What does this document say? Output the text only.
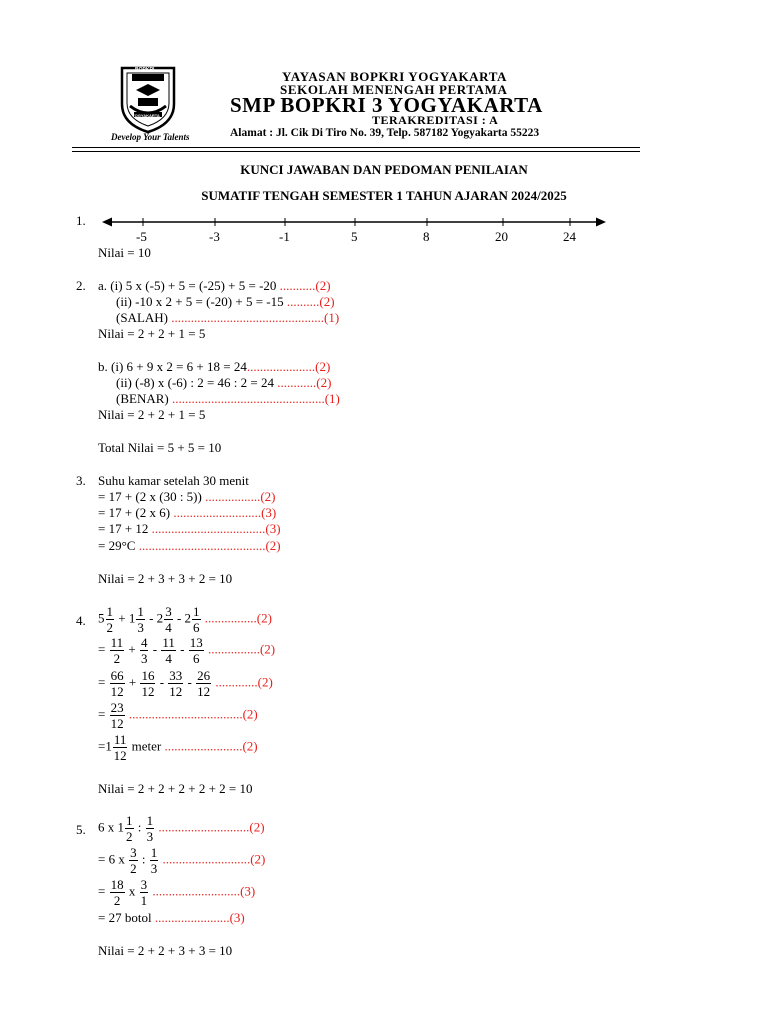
BOPKRI
YOGYAKARTA
Develop Your Talents
YAYASAN BOPKRI YOGYAKARTA
SEKOLAH MENENGAH PERTAMA
SMP BOPKRI 3 YOGYAKARTA
TERAKREDITASI : A
Alamat : Jl. Cik Di Tiro No. 39, Telp. 587182 Yogyakarta 55223
KUNCI JAWABAN DAN PEDOMAN PENILAIAN
SUMATIF TENGAH SEMESTER 1 TAHUN AJARAN 2024/2025
1.
-5	-3	-1	5	8	20	24
Nilai = 10
2. a. (i) 5 x (-5) + 5 = (-25) + 5 = -20 ...........(2)
(ii) -10 x 2 + 5 = (-20) + 5 = -15 ..........(2)
(SALAH) ...............................................(1)
Nilai = 2 + 2 + 1 = 5
b. (i) 6 + 9 x 2 = 6 + 18 = 24.....................(2)
(ii) (-8) x (-6) : 2 = 46 : 2 = 24 ............(2)
(BENAR) ...............................................(1)
Nilai = 2 + 2 + 1 = 5
Total Nilai = 5 + 5 = 10
3. Suhu kamar setelah 30 menit
= 17 + (2 x (30 : 5)) .................(2)
= 17 + (2 x 6) ...........................(3)
= 17 + 12 ...................................(3)
= 29°C .......................................(2)
Nilai = 2 + 3 + 3 + 2 = 10
4. $5 \frac{1}{2} + 1 \frac{1}{3} - 2 \frac{3}{4} - 2 \frac{1}{6} ................(2)$
= $\frac{11}{2} + \frac{4}{3} - \frac{11}{4} - \frac{13}{6} ................(2)$
= $\frac{66}{12} + \frac{16}{12} - \frac{33}{12} - \frac{26}{12} .............(2)$
= $\frac{23}{12} ...................................(2)$
$=1 \frac{11}{12}$ meter ........................(2)
Nilai = 2 + 2 + 2 + 2 + 2 = 10
5. 6 x $1 \frac{1}{2}$ : $\frac{1}{3} ............................(2)$
= 6 x $\frac{3}{2}$ : $\frac{1}{3} ...........................(2)$
= $\frac{18}{2}$ x $\frac{3}{1} ...........................(3)$
= 27 botol .......................(3)
Nilai = 2 + 2 + 3 + 3 = 10
